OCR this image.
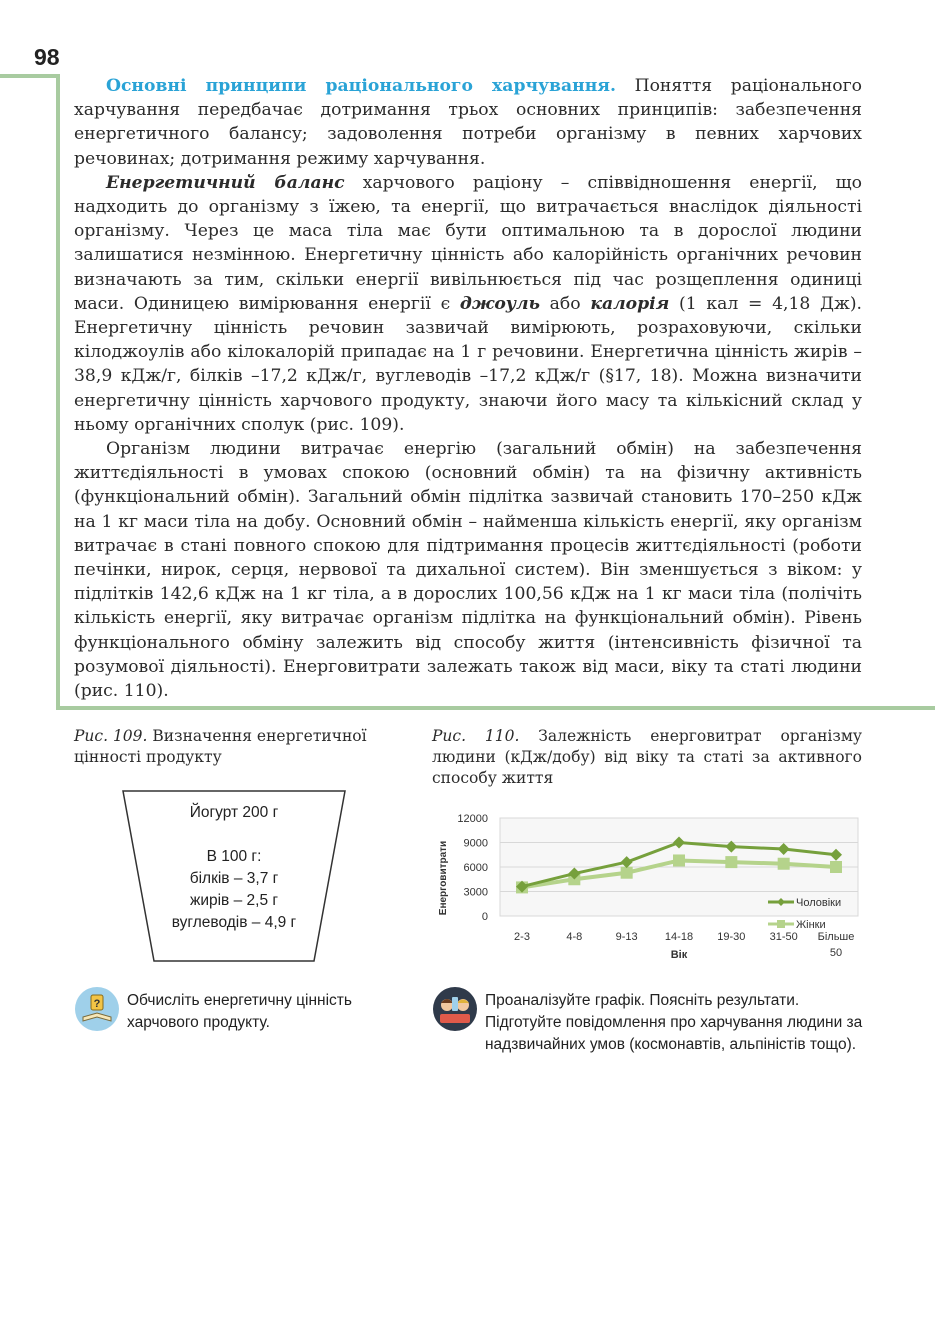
98

Основні принципи раціонального харчування. Поняття раціонального харчування передбачає дотримання трьох основних принципів: забезпечення енергетичного балансу; задоволення потреби організму в певних харчових речовинах; дотримання режиму харчування.

Енергетичний баланс харчового раціону – співвідношення енергії, що надходить до організму з їжею, та енергії, що витрачається внаслідок діяльності організму. Через це маса тіла має бути оптимальною та в дорослої людини залишатися незмінною. Енергетичну цінність або калорійність органічних речовин визначають за тим, скільки енергії вивільнюється під час розщеплення одиниці маси. Одиницею вимірювання енергії є джоуль або калорія (1 кал = 4,18 Дж). Енергетичну цінність речовин зазвичай вимірюють, розраховуючи, скільки кілоджоулів або кілокалорій припадає на 1 г речовини. Енергетична цінність жирів – 38,9 кДж/г, білків –17,2 кДж/г, вуглеводів –17,2 кДж/г (§17, 18). Можна визначити енергетичну цінність харчового продукту, знаючи його масу та кількісний склад у ньому органічних сполук (рис. 109).

Організм людини витрачає енергію (загальний обмін) на забезпечення життєдіяльності в умовах спокою (основний обмін) та на фізичну активність (функціональний обмін). Загальний обмін підлітка зазвичай становить 170–250 кДж на 1 кг маси тіла на добу. Основний обмін – найменша кількість енергії, яку організм витрачає в стані повного спокою для підтримання процесів життєдіяльності (роботи печінки, нирок, серця, нервової та дихальної систем). Він зменшується з віком: у підлітків 142,6 кДж на 1 кг тіла, а в дорослих 100,56 кДж на 1 кг маси тіла (полічіть кількість енергії, яку витрачає організм підлітка на функціональний обмін). Рівень функціонального обміну залежить від способу життя (інтенсивність фізичної та розумової діяльності). Енерговитрати залежать також від маси, віку та статі людини (рис. 110).

Рис. 109. Визначення енергетичної цінності продукту
Рис. 110. Залежність енерговитрат організму людини (кДж/добу) від віку та статі за активного способу життя
Йогурт 200 г
В 100 г:
білків – 3,7 г
жирів – 2,5 г
вуглеводів – 4,9 г
12000
9000
6000
3000
0
2-3	4-8	9-13 14-18 19-30 31-50 Більше 50
Енерговитрати
Вік
Чоловіки
Жінки
? Обчисліть енергетичну цінність харчового продукту.
Проаналізуйте графік. Поясніть результати. Підготуйте повідомлення про харчування людини за надзвичайних умов (космонавтів, альпіністів тощо).
